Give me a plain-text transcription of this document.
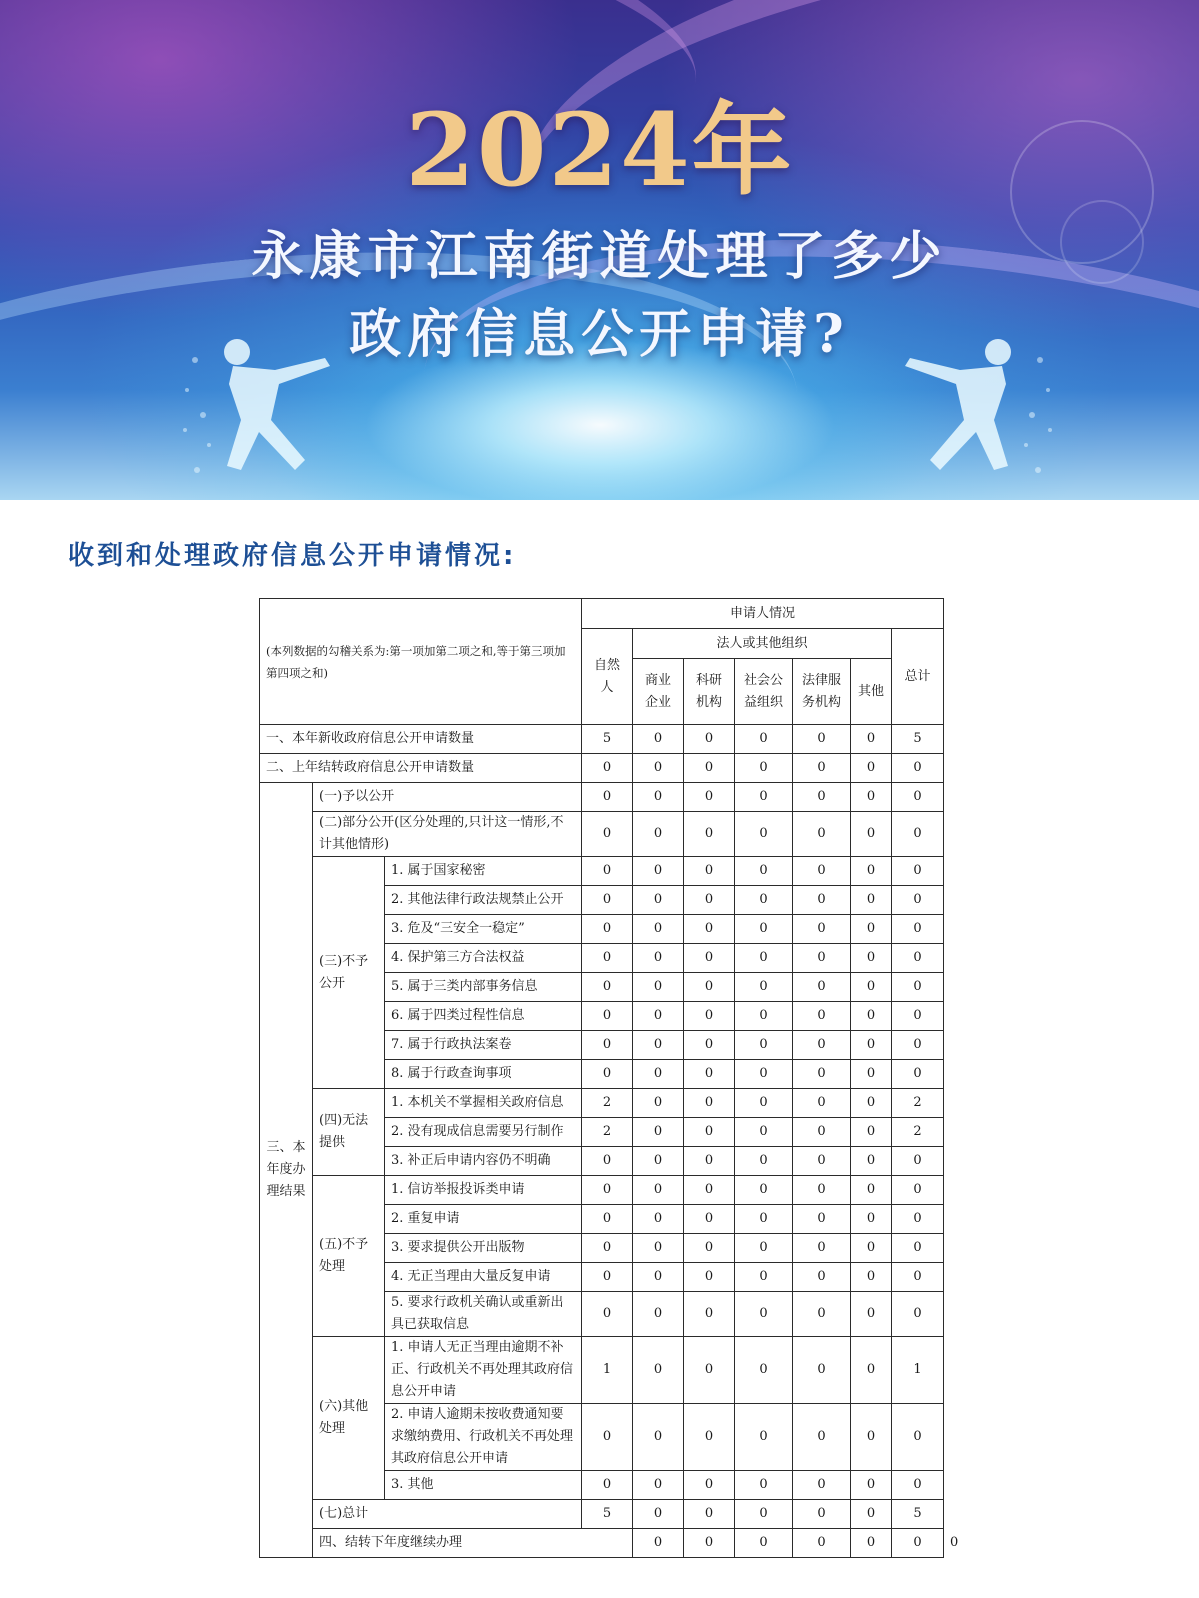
2024年
永康市江南街道处理了多少
政府信息公开申请?
收到和处理政府信息公开申请情况:
(本列数据的勾稽关系为:第一项加第二项之和,等于第三项加第四项之和)			申请人情况							
			自然人	法人或其他组织					总计	
				商业企业	科研机构	社会公益组织	法律服务机构	其他		
一、本年新收政府信息公开申请数量			5	0	0	0	0	0	5	
二、上年结转政府信息公开申请数量			0	0	0	0	0	0	0	
三、本年度办理结果	(一)予以公开		0	0	0	0	0	0	0	
	(二)部分公开(区分处理的,只计这一情形,不计其他情形)		0	0	0	0	0	0	0	
	(三)不予公开	1. 属于国家秘密	0	0	0	0	0	0	0	
		2. 其他法律行政法规禁止公开	0	0	0	0	0	0	0	
		3. 危及“三安全一稳定”	0	0	0	0	0	0	0	
		4. 保护第三方合法权益	0	0	0	0	0	0	0	
		5. 属于三类内部事务信息	0	0	0	0	0	0	0	
		6. 属于四类过程性信息	0	0	0	0	0	0	0	
		7. 属于行政执法案卷	0	0	0	0	0	0	0	
		8. 属于行政查询事项	0	0	0	0	0	0	0	
	(四)无法提供	1. 本机关不掌握相关政府信息	2	0	0	0	0	0	2	
		2. 没有现成信息需要另行制作	2	0	0	0	0	0	2	
		3. 补正后申请内容仍不明确	0	0	0	0	0	0	0	
	(五)不予处理	1. 信访举报投诉类申请	0	0	0	0	0	0	0	
		2. 重复申请	0	0	0	0	0	0	0	
		3. 要求提供公开出版物	0	0	0	0	0	0	0	
		4. 无正当理由大量反复申请	0	0	0	0	0	0	0	
		5. 要求行政机关确认或重新出具已获取信息	0	0	0	0	0	0	0	
	(六)其他处理	1. 申请人无正当理由逾期不补正、行政机关不再处理其政府信息公开申请	1	0	0	0	0	0	1	
		2. 申请人逾期未按收费通知要求缴纳费用、行政机关不再处理其政府信息公开申请	0	0	0	0	0	0	0	
		3. 其他	0	0	0	0	0	0	0	
	(七)总计		5	0	0	0	0	0	5	
	四、结转下年度继续办理			0	0	0	0	0	0	0
